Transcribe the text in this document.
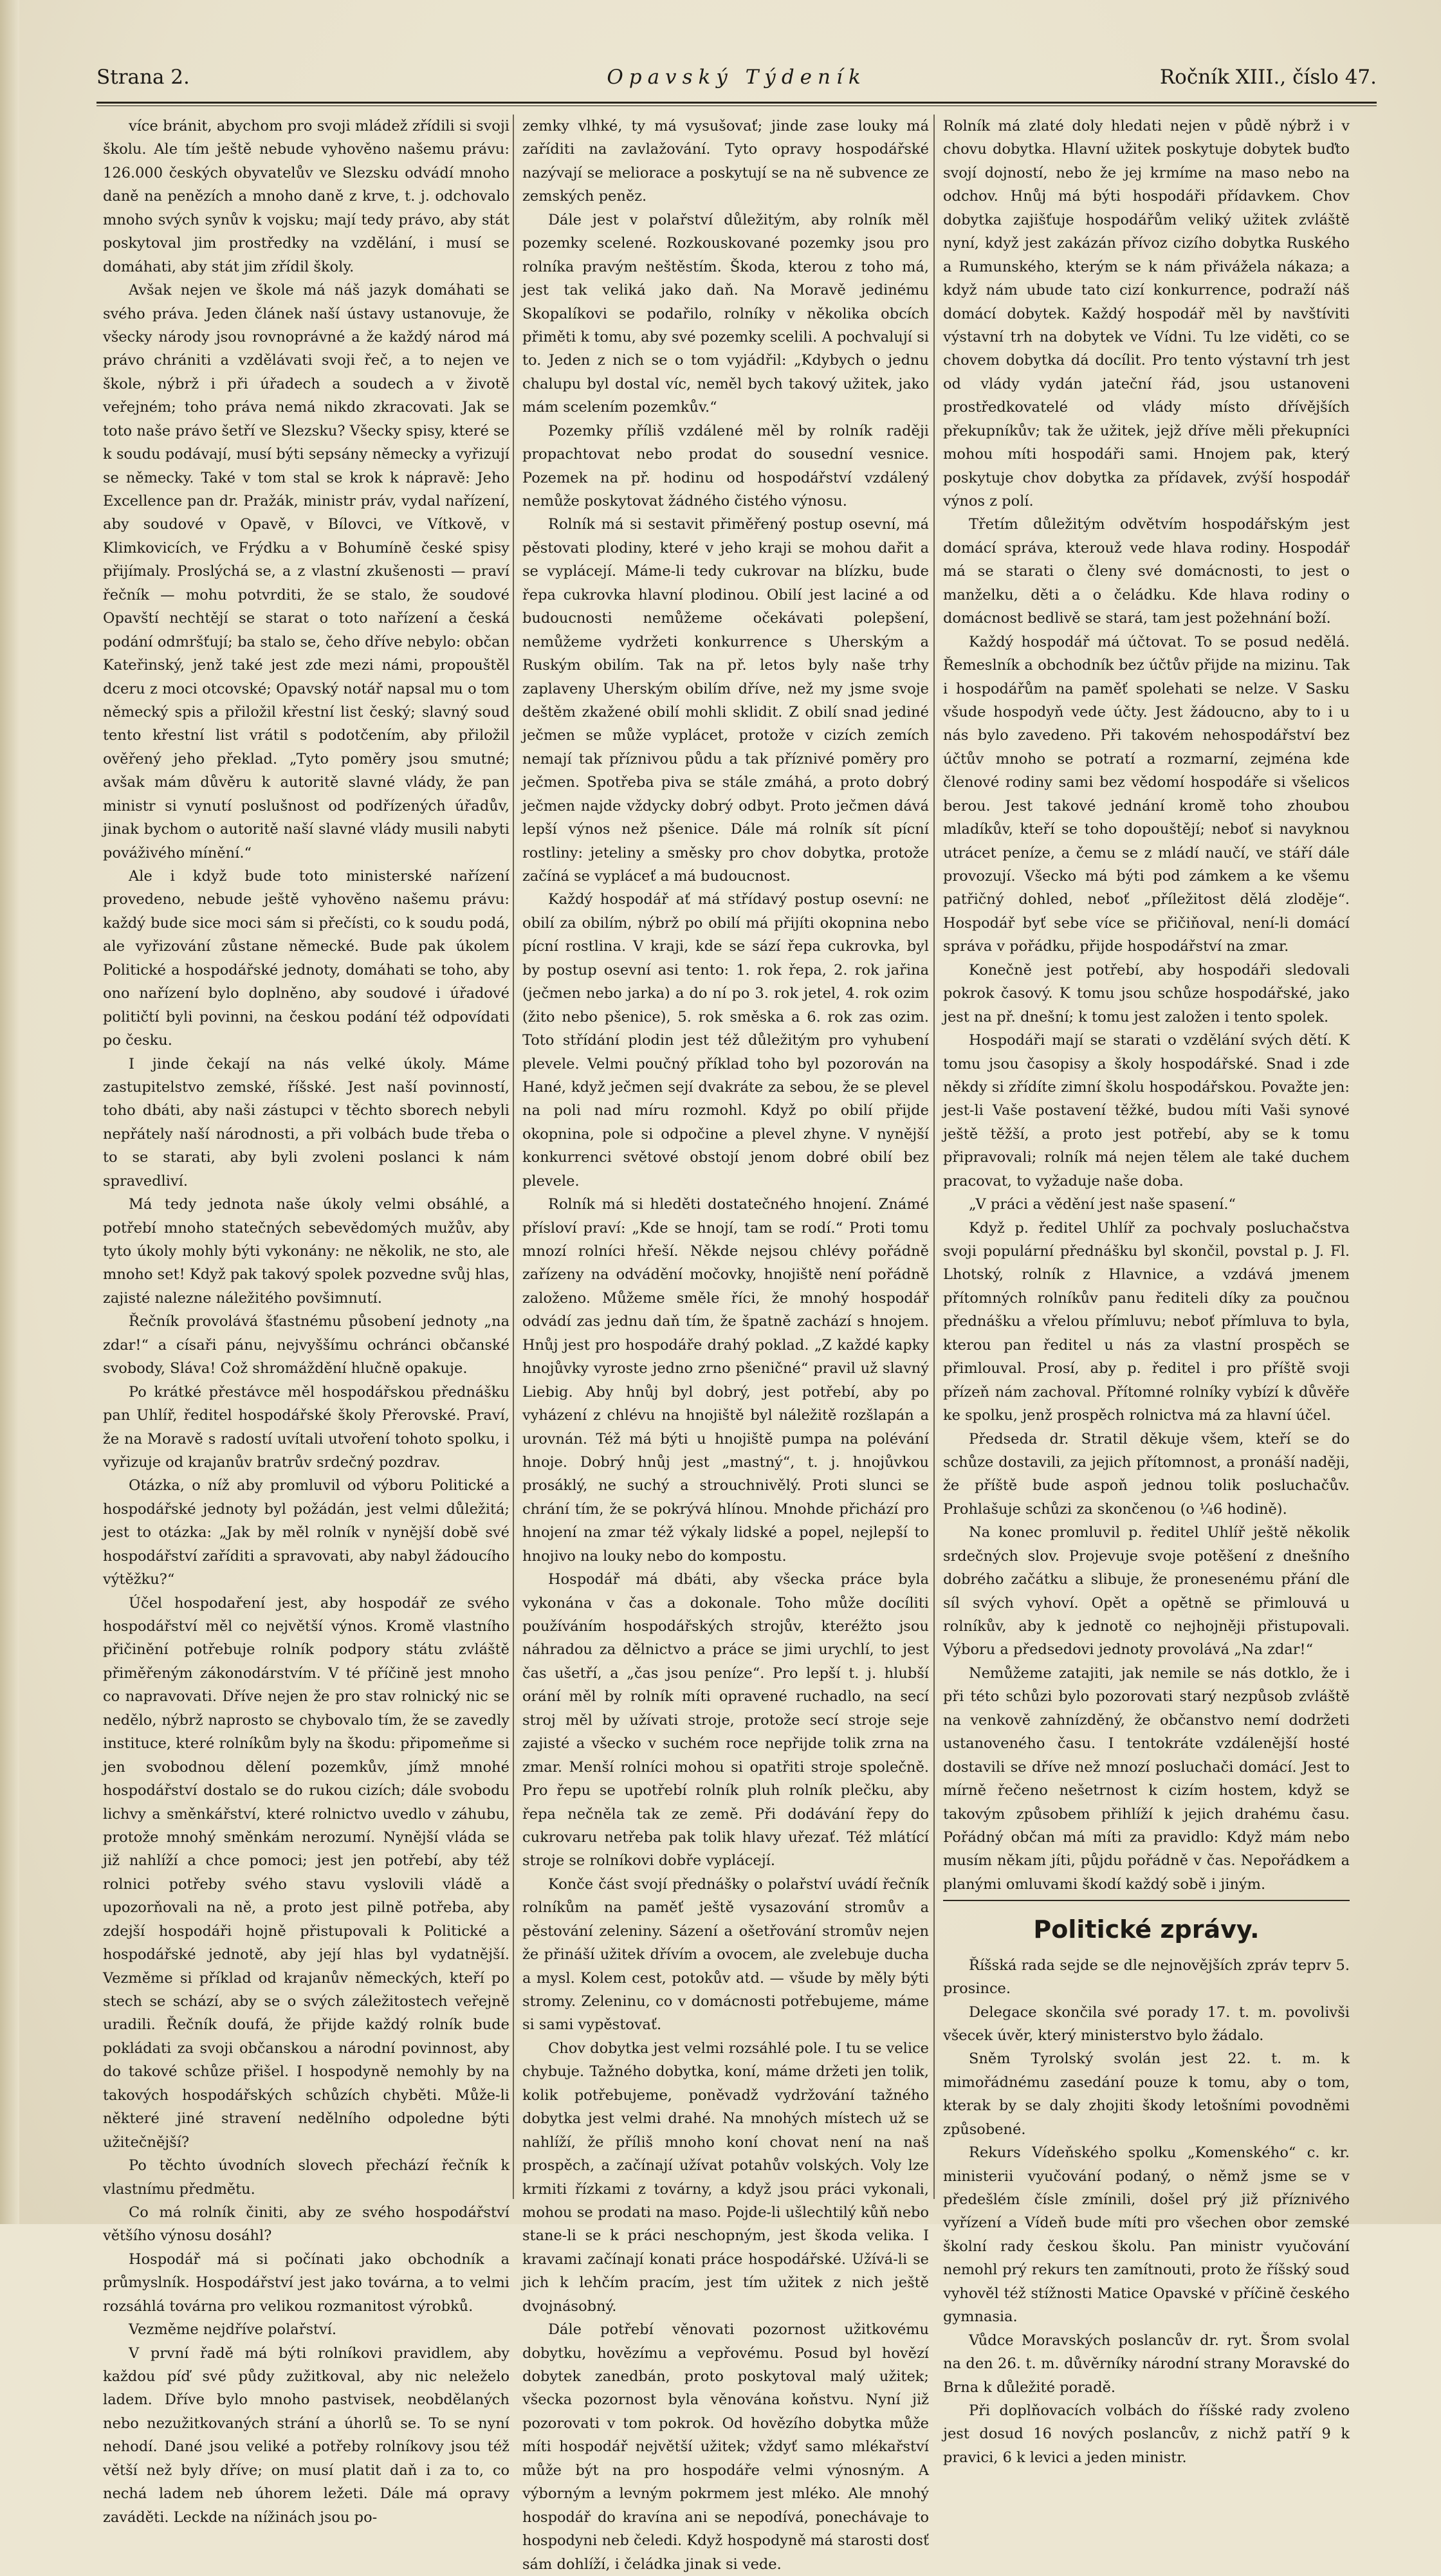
Strana 2.	Opavský Týdeník	Ročník XIII., číslo 47.

více bránit, abychom pro svoji mládež zřídili si svoji školu. Ale tím ještě nebude vyhověno našemu právu: 126.000 českých obyvatelův ve Slezsku odvádí mnoho daně na penězích a mnoho daně z krve, t. j. odchovalo mnoho svých synův k vojsku; mají tedy právo, aby stát poskytoval jim prostředky na vzdělání, i musí se domáhati, aby stát jim zřídil školy.

Avšak nejen ve škole má náš jazyk domáhati se svého práva. Jeden článek naší ústavy ustanovuje, že všecky národy jsou rovnoprávné a že každý národ má právo chrániti a vzdělávati svoji řeč, a to nejen ve škole, nýbrž i při úřadech a soudech a v životě veřejném; toho práva nemá nikdo zkracovati. Jak se toto naše právo šetří ve Slezsku? Všecky spisy, které se k soudu podávají, musí býti sepsány německy a vyřizují se německy. Také v tom stal se krok k nápravě: Jeho Excellence pan dr. Pražák, ministr práv, vydal nařízení, aby soudové v Opavě, v Bílovci, ve Vítkově, v Klimkovicích, ve Frýdku a v Bohumíně české spisy přijímaly. Proslýchá se, a z vlastní zkušenosti — praví řečník — mohu potvrditi, že se stalo, že soudové Opavští nechtějí se starat o toto nařízení a česká podání odmršťují; ba stalo se, čeho dříve nebylo: občan Kateřinský, jenž také jest zde mezi námi, propouštěl dceru z moci otcovské; Opavský notář napsal mu o tom německý spis a přiložil křestní list český; slavný soud tento křestní list vrátil s podotčením, aby přiložil ověřený jeho překlad. „Tyto poměry jsou smutné; avšak mám důvěru k autoritě slavné vlády, že pan ministr si vynutí poslušnost od podřízených úřadův, jinak bychom o autoritě naší slavné vlády musili nabyti pováživého mínění.“

Ale i když bude toto ministerské nařízení provedeno, nebude ještě vyhověno našemu právu: každý bude sice moci sám si přečísti, co k soudu podá, ale vyřizování zůstane německé. Bude pak úkolem Politické a hospodářské jednoty, domáhati se toho, aby ono nařízení bylo doplněno, aby soudové i úřadové političtí byli povinni, na českou podání též odpovídati po česku.

I jinde čekají na nás velké úkoly. Máme zastupitelstvo zemské, říšské. Jest naší povinností, toho dbáti, aby naši zástupci v těchto sborech nebyli nepřátely naší národnosti, a při volbách bude třeba o to se starati, aby byli zvoleni poslanci k nám spravedliví.

Má tedy jednota naše úkoly velmi obsáhlé, a potřebí mnoho statečných sebevědomých mužův, aby tyto úkoly mohly býti vykonány: ne několik, ne sto, ale mnoho set! Když pak takový spolek pozvedne svůj hlas, zajisté nalezne náležitého povšimnutí.

Řečník provolává šťastnému působení jednoty „na zdar!“ a císaři pánu, nejvyššímu ochránci občanské svobody, Sláva! Což shromáždění hlučně opakuje.

Po krátké přestávce měl hospodářskou přednášku pan Uhlíř, ředitel hospodářské školy Přerovské. Praví, že na Moravě s radostí uvítali utvoření tohoto spolku, i vyřizuje od krajanův bratrův srdečný pozdrav.

Otázka, o níž aby promluvil od výboru Politické a hospodářské jednoty byl požádán, jest velmi důležitá; jest to otázka: „Jak by měl rolník v nynější době své hospodářství zaříditi a spravovati, aby nabyl žádoucího výtěžku?“

Účel hospodaření jest, aby hospodář ze svého hospodářství měl co největší výnos. Kromě vlastního přičinění potřebuje rolník podpory státu zvláště přiměřeným zákonodárstvím. V té příčině jest mnoho co napravovati. Dříve nejen že pro stav rolnický nic se nedělo, nýbrž naprosto se chybovalo tím, že se zavedly instituce, které rolníkům byly na škodu: připomeňme si jen svobodnou dělení pozemkův, jímž mnohé hospodářství dostalo se do rukou cizích; dále svobodu lichvy a směnkářství, které rolnictvo uvedlo v záhubu, protože mnohý směnkám nerozumí. Nynější vláda se již nahlíží a chce pomoci; jest jen potřebí, aby též rolnici potřeby svého stavu vyslovili vládě a upozorňovali na ně, a proto jest pilně potřeba, aby zdejší hospodáři hojně přistupovali k Politické a hospodářské jednotě, aby její hlas byl vydatnější. Vezměme si příklad od krajanův německých, kteří po stech se schází, aby se o svých záležitostech veřejně uradili. Řečník doufá, že přijde každý rolník bude pokládati za svoji občanskou a národní povinnost, aby do takové schůze přišel. I hospodyně nemohly by na takových hospodářských schůzích chyběti. Může-li některé jiné stravení nedělního odpoledne býti užitečnější?

Po těchto úvodních slovech přechází řečník k vlastnímu předmětu.

Co má rolník činiti, aby ze svého hospodářství většího výnosu dosáhl?

Hospodář má si počínati jako obchodník a průmyslník. Hospodářství jest jako továrna, a to velmi rozsáhlá továrna pro velikou rozmanitost výrobků.

Vezměme nejdříve polařství.

V první řadě má býti rolníkovi pravidlem, aby každou píď své půdy zužitkoval, aby nic neleželo ladem. Dříve bylo mnoho pastvisek, neobdělaných nebo nezužitkovaných strání a úhorlů se. To se nyní nehodí. Dané jsou veliké a potřeby rolníkovy jsou též větší než byly dříve; on musí platit daň i za to, co nechá ladem neb úhorem ležeti. Dále má opravy zaváděti. Leckde na nížinách jsou po-

zemky vlhké, ty má vysušovať; jinde zase louky má zaříditi na zavlažování. Tyto opravy hospodářské nazývají se meliorace a poskytují se na ně subvence ze zemských peněz.

Dále jest v polařství důležitým, aby rolník měl pozemky scelené. Rozkouskované pozemky jsou pro rolníka pravým neštěstím. Škoda, kterou z toho má, jest tak veliká jako daň. Na Moravě jedinému Skopalíkovi se podařilo, rolníky v několika obcích přiměti k tomu, aby své pozemky scelili. A pochvalují si to. Jeden z nich se o tom vyjádřil: „Kdybych o jednu chalupu byl dostal víc, neměl bych takový užitek, jako mám scelením pozemkův.“

Pozemky příliš vzdálené měl by rolník raději propachtovat nebo prodat do sousední vesnice. Pozemek na př. hodinu od hospodářství vzdálený nemůže poskytovat žádného čistého výnosu.

Rolník má si sestavit přiměřený postup osevní, má pěstovati plodiny, které v jeho kraji se mohou dařit a se vyplácejí. Máme-li tedy cukrovar na blízku, bude řepa cukrovka hlavní plodinou. Obilí jest laciné a od budoucnosti nemůžeme očekávati polepšení, nemůžeme vydržeti konkurrence s Uherským a Ruským obilím. Tak na př. letos byly naše trhy zaplaveny Uherským obilím dříve, než my jsme svoje deštěm zkažené obilí mohli sklidit. Z obilí snad jediné ječmen se může vyplácet, protože v cizích zemích nemají tak příznivou půdu a tak příznivé poměry pro ječmen. Spotřeba piva se stále zmáhá, a proto dobrý ječmen najde vždycky dobrý odbyt. Proto ječmen dává lepší výnos než pšenice. Dále má rolník sít pícní rostliny: jeteliny a směsky pro chov dobytka, protože začíná se vypláceť a má budoucnost.

Každý hospodář ať má střídavý postup osevní: ne obilí za obilím, nýbrž po obilí má přijíti okopnina nebo pícní rostlina. V kraji, kde se sází řepa cukrovka, byl by postup osevní asi tento: 1. rok řepa, 2. rok jařina (ječmen nebo jarka) a do ní po 3. rok jetel, 4. rok ozim (žito nebo pšenice), 5. rok směska a 6. rok zas ozim. Toto střídání plodin jest též důležitým pro vyhubení plevele. Velmi poučný příklad toho byl pozorován na Hané, když ječmen sejí dvakráte za sebou, že se plevel na poli nad míru rozmohl. Když po obilí přijde okopnina, pole si odpočine a plevel zhyne. V nynější konkurrenci světové obstojí jenom dobré obilí bez plevele.

Rolník má si hleděti dostatečného hnojení. Známé přísloví praví: „Kde se hnojí, tam se rodí.“ Proti tomu mnozí rolníci hřeší. Někde nejsou chlévy pořádně zařízeny na odvádění močovky, hnojiště není pořádně založeno. Můžeme směle říci, že mnohý hospodář odvádí zas jednu daň tím, že špatně zachází s hnojem. Hnůj jest pro hospodáře drahý poklad. „Z každé kapky hnojůvky vyroste jedno zrno pšeničné“ pravil už slavný Liebig. Aby hnůj byl dobrý, jest potřebí, aby po vyházení z chlévu na hnojiště byl náležitě rozšlapán a urovnán. Též má býti u hnojiště pumpa na polévání hnoje. Dobrý hnůj jest „mastný“, t. j. hnojůvkou prosáklý, ne suchý a strouchnivělý. Proti slunci se chrání tím, že se pokrývá hlínou. Mnohde přichází pro hnojení na zmar též výkaly lidské a popel, nejlepší to hnojivo na louky nebo do kompostu.

Hospodář má dbáti, aby všecka práce byla vykonána v čas a dokonale. Toho může docíliti používáním hospodářských strojův, kteréžto jsou náhradou za dělnictvo a práce se jimi urychlí, to jest čas ušetří, a „čas jsou peníze“. Pro lepší t. j. hlubší orání měl by rolník míti opravené ruchadlo, na secí stroj měl by užívati stroje, protože secí stroje seje zajisté a všecko v suchém roce nepřijde tolik zrna na zmar. Menší rolníci mohou si opatřiti stroje společně. Pro řepu se upotřebí rolník pluh rolník plečku, aby řepa nečněla tak ze země. Při dodávání řepy do cukrovaru netřeba pak tolik hlavy uřezať. Též mlátící stroje se rolníkovi dobře vyplácejí.

Konče část svojí přednášky o polařství uvádí řečník rolníkům na paměť ještě vysazování stromův a pěstování zeleniny. Sázení a ošetřování stromův nejen že přináší užitek dřívím a ovocem, ale zvelebuje ducha a mysl. Kolem cest, potokův atd. — všude by měly býti stromy. Zeleninu, co v domácnosti potřebujeme, máme si sami vypěstovať.

Chov dobytka jest velmi rozsáhlé pole. I tu se velice chybuje. Tažného dobytka, koní, máme držeti jen tolik, kolik potřebujeme, poněvadž vydržování tažného dobytka jest velmi drahé. Na mnohých místech už se nahlíží, že příliš mnoho koní chovat není na naš prospěch, a začínají užívat potahův volských. Voly lze krmiti řízkami z továrny, a když jsou práci vykonali, mohou se prodati na maso. Pojde-li ušlechtilý kůň nebo stane-li se k práci neschopným, jest škoda velika. I kravami začínají konati práce hospodářské. Užívá-li se jich k lehčím pracím, jest tím užitek z nich ještě dvojnásobný.

Dále potřebí věnovati pozornost užitkovému dobytku, hovězímu a vepřovému. Posud byl hovězí dobytek zanedbán, proto poskytoval malý užitek; všecka pozornost byla věnována koňstvu. Nyní již pozorovati v tom pokrok. Od hovězího dobytka může míti hospodář největší užitek; vždyť samo mlékařství může být na pro hospodáře velmi výnosným. A výborným a levným pokrmem jest mléko. Ale mnohý hospodář do kravína ani se nepodívá, ponechávaje to hospodyni neb čeledi. Když hospodyně má starosti dosť sám dohlíží, i čeládka jinak si vede.

Rolník má zlaté doly hledati nejen v půdě nýbrž i v chovu dobytka. Hlavní užitek poskytuje dobytek buďto svojí dojností, nebo že jej krmíme na maso nebo na odchov. Hnůj má býti hospodáři přídavkem. Chov dobytka zajišťuje hospodářům veliký užitek zvláště nyní, když jest zakázán přívoz cizího dobytka Ruského a Rumunského, kterým se k nám přivážela nákaza; a když nám ubude tato cizí konkurrence, podraží náš domácí dobytek. Každý hospodář měl by navštíviti výstavní trh na dobytek ve Vídni. Tu lze viděti, co se chovem dobytka dá docílit. Pro tento výstavní trh jest od vlády vydán jateční řád, jsou ustanoveni prostředkovatelé od vlády místo dřívějších překupníkův; tak že užitek, jejž dříve měli překupníci mohou míti hospodáři sami. Hnojem pak, který poskytuje chov dobytka za přídavek, zvýší hospodář výnos z polí.

Třetím důležitým odvětvím hospodářským jest domácí správa, kterouž vede hlava rodiny. Hospodář má se starati o členy své domácnosti, to jest o manželku, děti a o čeládku. Kde hlava rodiny o domácnost bedlivě se stará, tam jest požehnání boží.

Každý hospodář má účtovat. To se posud nedělá. Řemeslník a obchodník bez účtův přijde na mizinu. Tak i hospodářům na paměť spolehati se nelze. V Sasku všude hospodyň vede účty. Jest žádoucno, aby to i u nás bylo zavedeno. Při takovém nehospodářství bez účtův mnoho se potratí a rozmarní, zejména kde členové rodiny sami bez vědomí hospodáře si všelicos berou. Jest takové jednání kromě toho zhoubou mladíkův, kteří se toho dopouštějí; neboť si navyknou utrácet peníze, a čemu se z mládí naučí, ve stáří dále provozují. Všecko má býti pod zámkem a ke všemu patřičný dohled, neboť „příležitost dělá zloděje“. Hospodář byť sebe více se přičiňoval, není-li domácí správa v pořádku, přijde hospodářství na zmar.

Konečně jest potřebí, aby hospodáři sledovali pokrok časový. K tomu jsou schůze hospodářské, jako jest na př. dnešní; k tomu jest založen i tento spolek.

Hospodáři mají se starati o vzdělání svých dětí. K tomu jsou časopisy a školy hospodářské. Snad i zde někdy si zřídíte zimní školu hospodářskou. Považte jen: jest-li Vaše postavení těžké, budou míti Vaši synové ještě těžší, a proto jest potřebí, aby se k tomu připravovali; rolník má nejen tělem ale také duchem pracovat, to vyžaduje naše doba.

„V práci a vědění jest naše spasení.“

Když p. ředitel Uhlíř za pochvaly posluchačstva svoji populární přednášku byl skončil, povstal p. J. Fl. Lhotský, rolník z Hlavnice, a vzdává jmenem přítomných rolníkův panu řediteli díky za poučnou přednášku a vřelou přímluvu; neboť přímluva to byla, kterou pan ředitel u nás za vlastní prospěch se přimlouval. Prosí, aby p. ředitel i pro příště svoji přízeň nám zachoval. Přítomné rolníky vybízí k důvěře ke spolku, jenž prospěch rolnictva má za hlavní účel.

Předseda dr. Stratil děkuje všem, kteří se do schůze dostavili, za jejich přítomnost, a pronáší naději, že příště bude aspoň jednou tolik posluchačův. Prohlašuje schůzi za skončenou (o ¼6 hodině).

Na konec promluvil p. ředitel Uhlíř ještě několik srdečných slov. Projevuje svoje potěšení z dnešního dobrého začátku a slibuje, že pronesenému přání dle síl svých vyhoví. Opět a opětně se přimlouvá u rolníkův, aby k jednotě co nejhojněji přistupovali. Výboru a předsedovi jednoty provolává „Na zdar!“

Nemůžeme zatajiti, jak nemile se nás dotklo, že i při této schůzi bylo pozorovati starý nezpůsob zvláště na venkově zahnízděný, že občanstvo nemí dodržeti ustanoveného času. I tentokráte vzdálenější hosté dostavili se dříve než mnozí posluchači domácí. Jest to mírně řečeno nešetrnost k cizím hostem, když se takovým způsobem přihlíží k jejich drahému času. Pořádný občan má míti za pravidlo: Když mám nebo musím někam jíti, půjdu pořádně v čas. Nepořádkem a planými omluvami škodí každý sobě i jiným.

Politické zprávy.

Říšská rada sejde se dle nejnovějších zpráv teprv 5. prosince.

Delegace skončila své porady 17. t. m. povolivši všecek úvěr, který ministerstvo bylo žádalo.

Sněm Tyrolský svolán jest 22. t. m. k mimořádnému zasedání pouze k tomu, aby o tom, kterak by se daly zhojiti škody letošními povodněmi způsobené.

Rekurs Vídeňského spolku „Komenského“ c. kr. ministerii vyučování podaný, o němž jsme se v předešlém čísle zmínili, došel prý již příznivého vyřízení a Vídeň bude míti pro všechen obor zemské školní rady českou školu. Pan ministr vyučování nemohl prý rekurs ten zamítnouti, proto že říšský soud vyhověl též stížnosti Matice Opavské v příčině českého gymnasia.

Vůdce Moravských poslancův dr. ryt. Šrom svolal na den 26. t. m. důvěrníky národní strany Moravské do Brna k důležité poradě.

Při doplňovacích volbách do říšské rady zvoleno jest dosud 16 nových poslancův, z nichž patří 9 k pravici, 6 k levici a jeden ministr.
